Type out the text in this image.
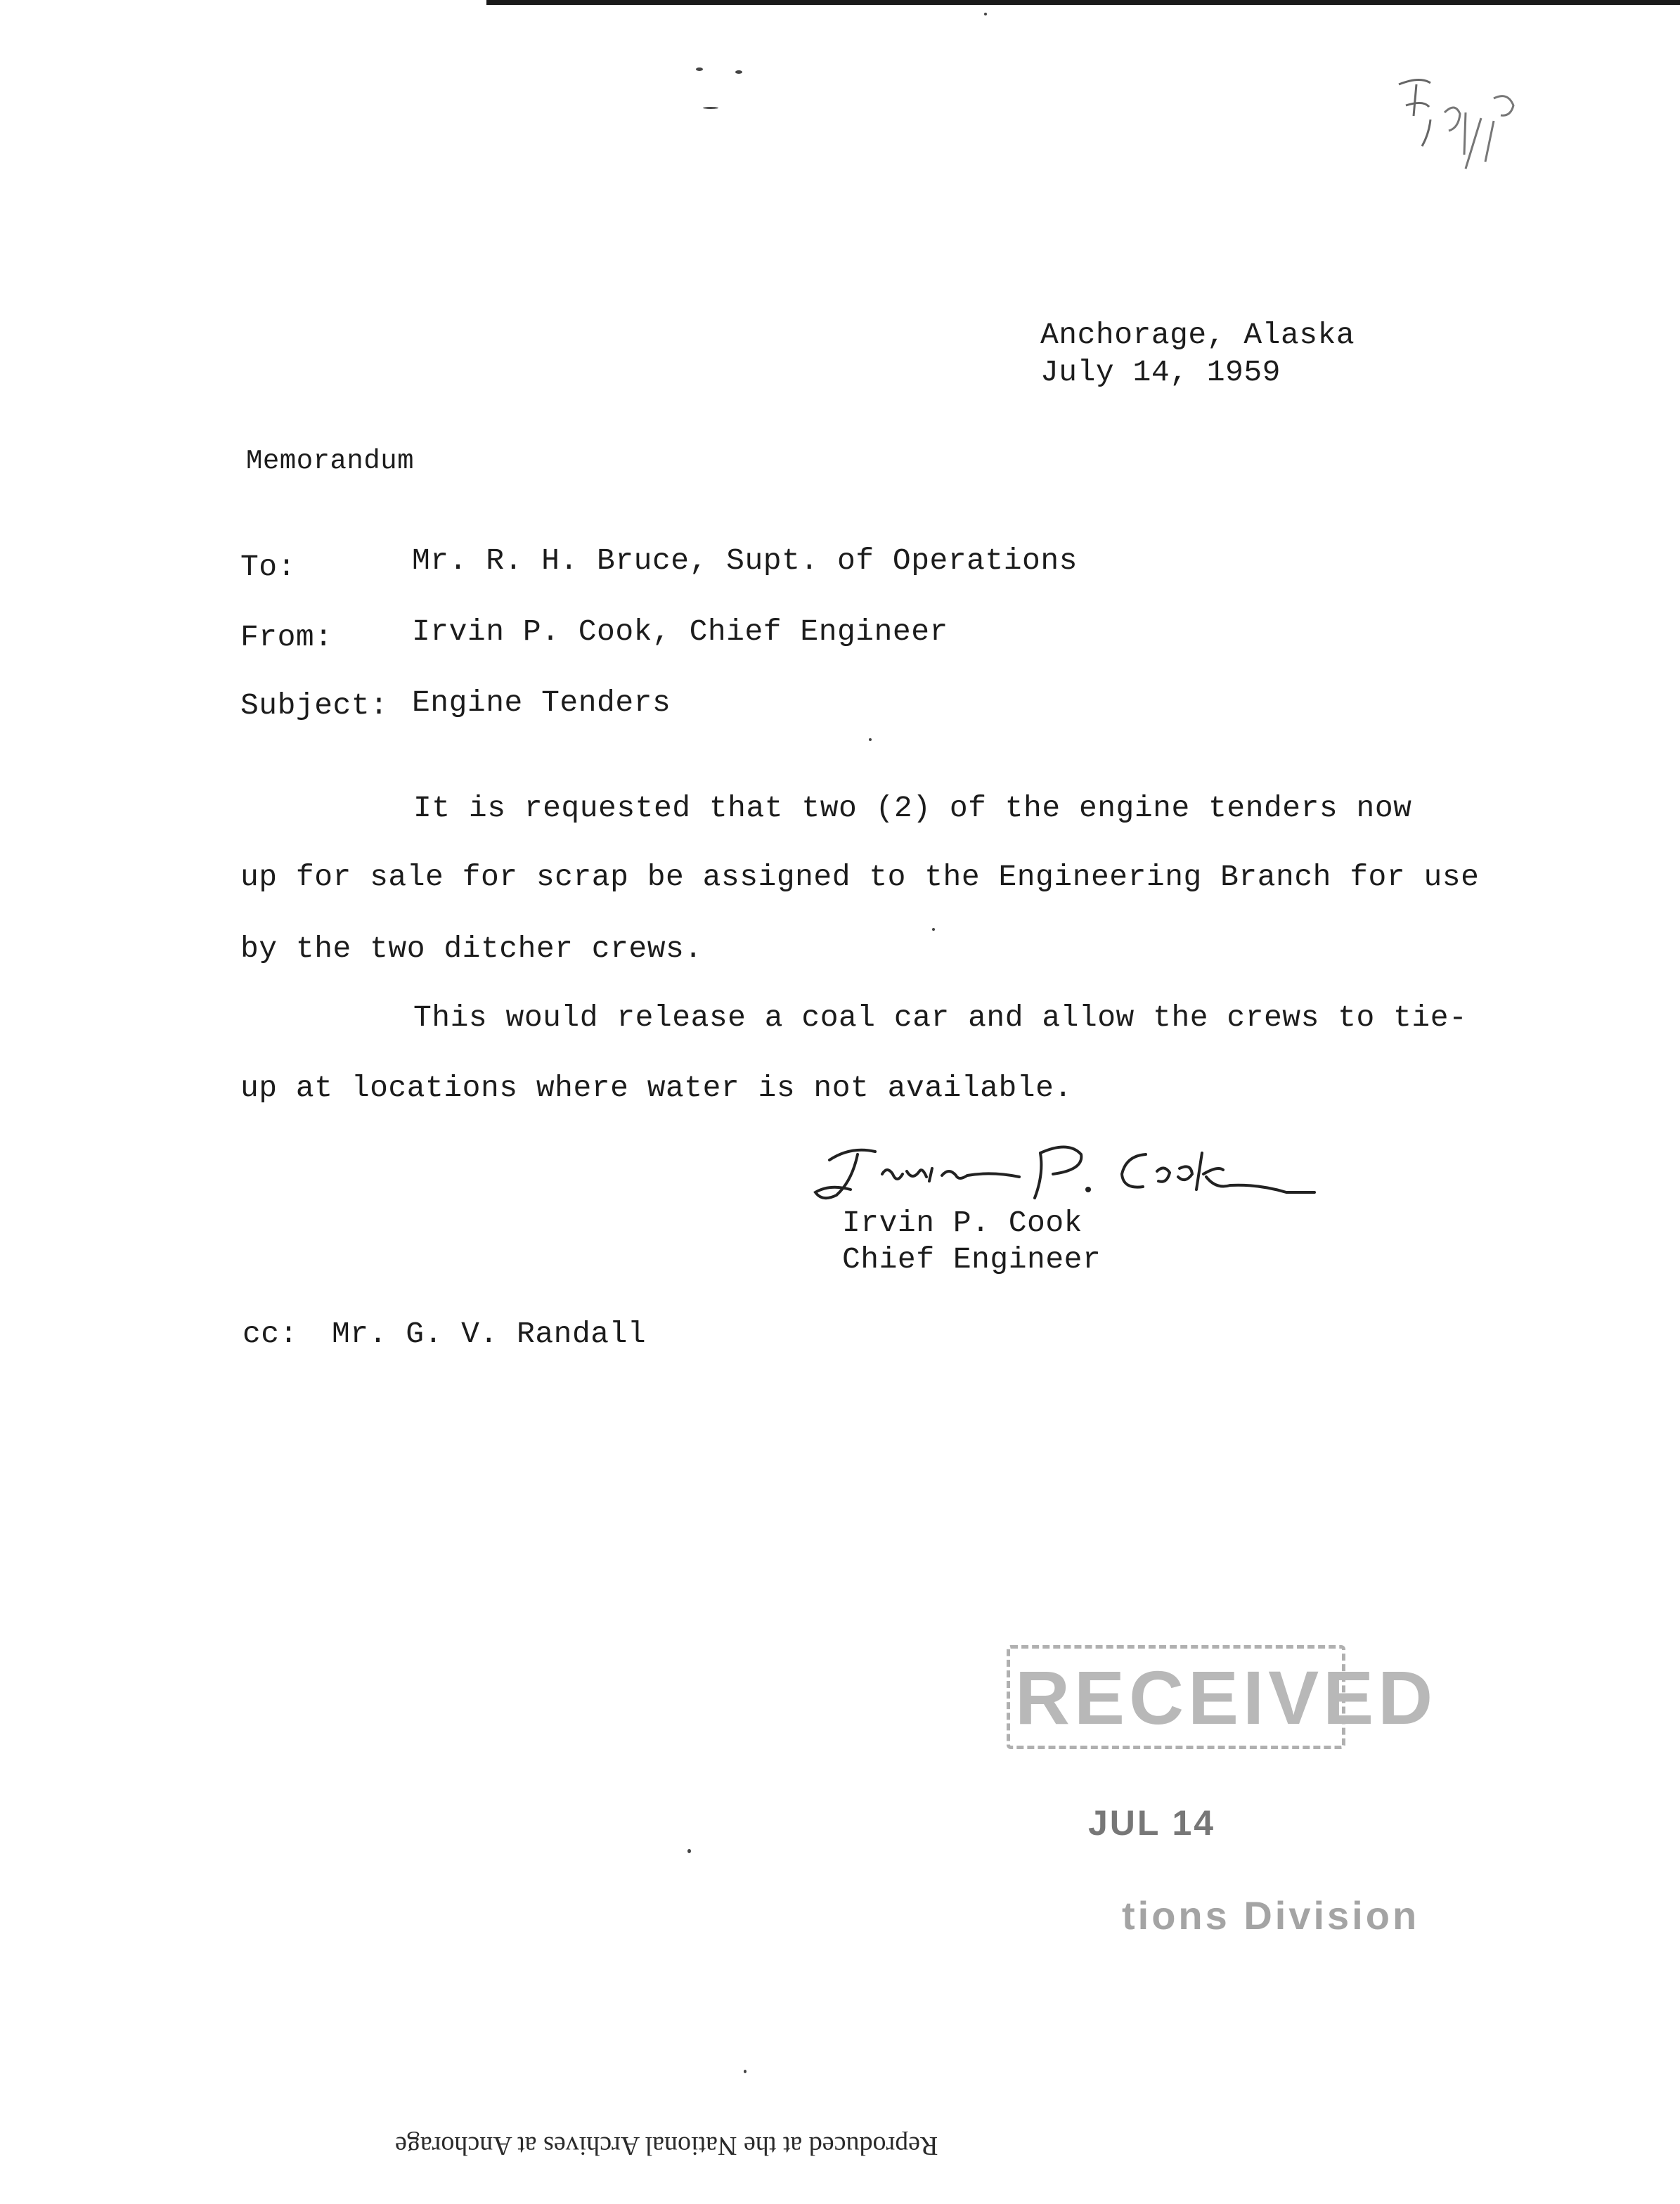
Anchorage, Alaska
July 14, 1959
Memorandum
To:	Mr. R. H. Bruce, Supt. of Operations
From:	Irvin P. Cook, Chief Engineer
Subject: Engine Tenders
It is requested that two (2) of the engine tenders now
up for sale for scrap be assigned to the Engineering Branch for use
by the two ditcher crews.
This would release a coal car and allow the crews to tie-
up at locations where water is not available.
Irvin P. Cook
Chief Engineer
cc: Mr. G. V. Randall
RECEIVED
JUL 14
tions Division
Reproduced at the National Archives at Anchorage
